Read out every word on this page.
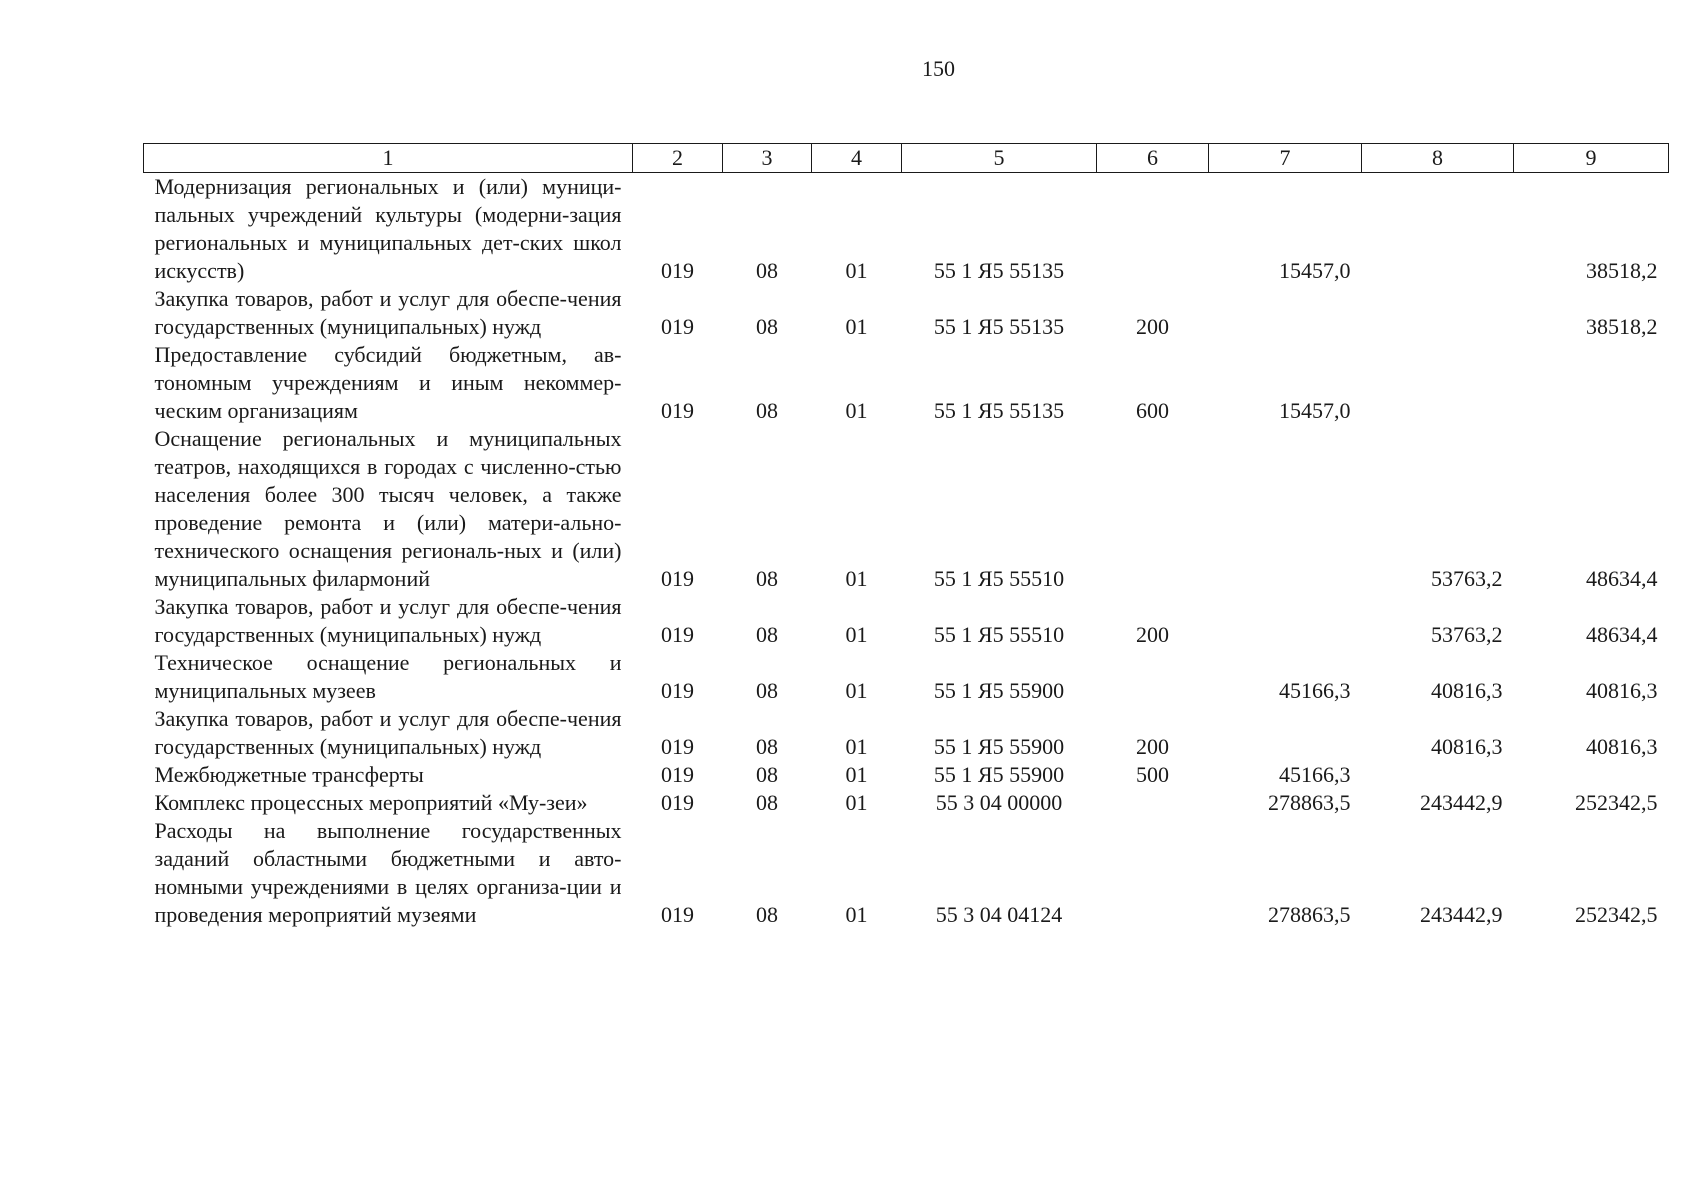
150
1	2	3	4	5	6	7	8	9
Модернизация региональных и (или) муници-пальных учреждений культуры (модерни-зация региональных и муниципальных дет-ских школ искусств)	019	08	01	55 1 Я5 55135		15457,0		38518,2
Закупка товаров, работ и услуг для обеспе-чения государственных (муниципальных) нужд	019	08	01	55 1 Я5 55135	200			38518,2
Предоставление субсидий бюджетным, ав-тономным учреждениям и иным некоммер-ческим организациям	019	08	01	55 1 Я5 55135	600	15457,0		
Оснащение региональных и муниципальных театров, находящихся в городах с численно-стью населения более 300 тысяч человек, а также проведение ремонта и (или) матери-ально-технического оснащения региональ-ных и (или) муниципальных филармоний	019	08	01	55 1 Я5 55510			53763,2	48634,4
Закупка товаров, работ и услуг для обеспе-чения государственных (муниципальных) нужд	019	08	01	55 1 Я5 55510	200		53763,2	48634,4
Техническое оснащение региональных и муниципальных музеев	019	08	01	55 1 Я5 55900		45166,3	40816,3	40816,3
Закупка товаров, работ и услуг для обеспе-чения государственных (муниципальных) нужд	019	08	01	55 1 Я5 55900	200		40816,3	40816,3
Межбюджетные трансферты	019	08	01	55 1 Я5 55900	500	45166,3		
Комплекс процессных мероприятий «Му-зеи»	019	08	01	55 3 04 00000		278863,5	243442,9	252342,5
Расходы на выполнение государственных заданий областными бюджетными и авто-номными учреждениями в целях организа-ции и проведения мероприятий музеями	019	08	01	55 3 04 04124		278863,5	243442,9	252342,5
